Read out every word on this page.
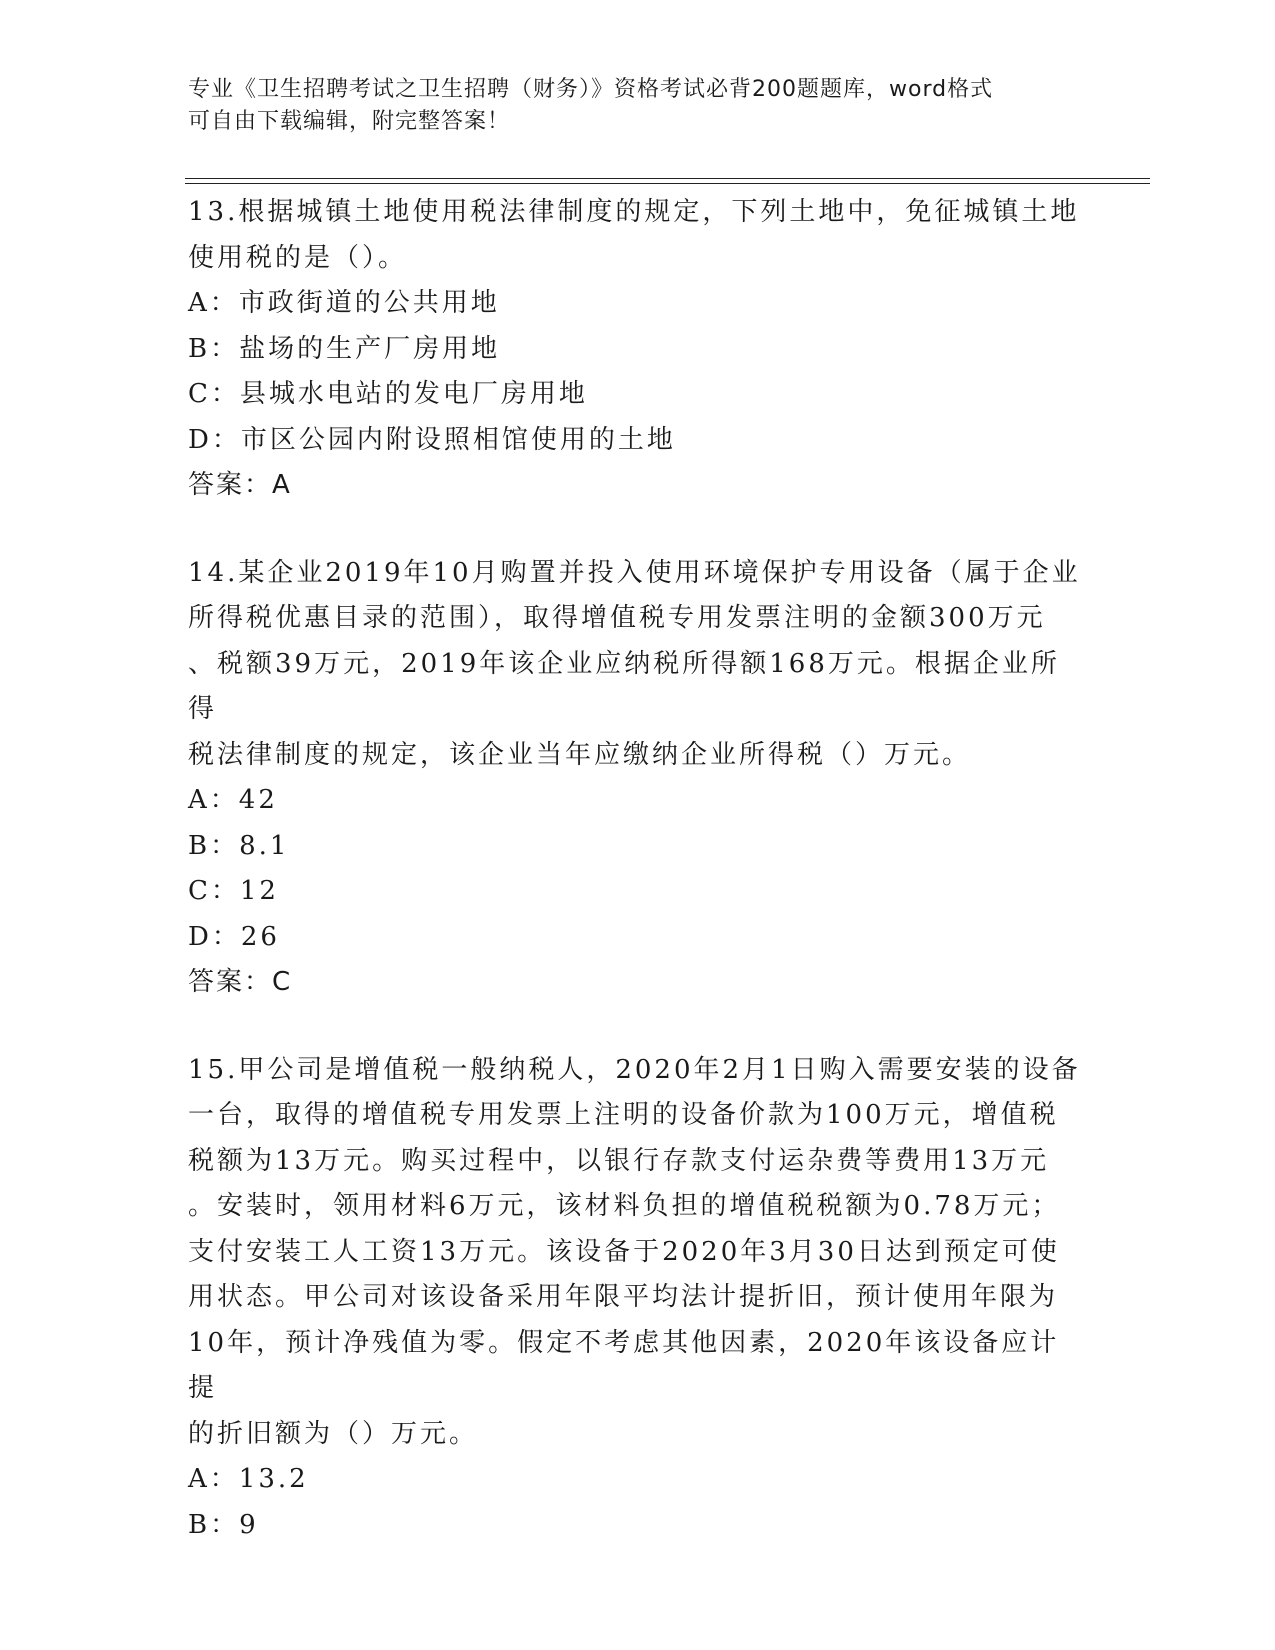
专业《卫生招聘考试之卫生招聘（财务）》资格考试必背200题题库，word格式
可自由下载编辑，附完整答案！

13.根据城镇土地使用税法律制度的规定，下列土地中，免征城镇土地

使用税的是（）。

A：市政街道的公共用地

B：盐场的生产厂房用地

C：县城水电站的发电厂房用地

D：市区公园内附设照相馆使用的土地

答案：A

14.某企业2019年10月购置并投入使用环境保护专用设备（属于企业

所得税优惠目录的范围），取得增值税专用发票注明的金额300万元

、税额39万元，2019年该企业应纳税所得额168万元。根据企业所得

税法律制度的规定，该企业当年应缴纳企业所得税（）万元。

A：42

B：8.1

C：12

D：26

答案：C

15.甲公司是增值税一般纳税人，2020年2月1日购入需要安装的设备

一台，取得的增值税专用发票上注明的设备价款为100万元，增值税

税额为13万元。购买过程中，以银行存款支付运杂费等费用13万元

。安装时，领用材料6万元，该材料负担的增值税税额为0.78万元；

支付安装工人工资13万元。该设备于2020年3月30日达到预定可使

用状态。甲公司对该设备采用年限平均法计提折旧，预计使用年限为

10年，预计净残值为零。假定不考虑其他因素，2020年该设备应计提

的折旧额为（）万元。

A：13.2

B：9
